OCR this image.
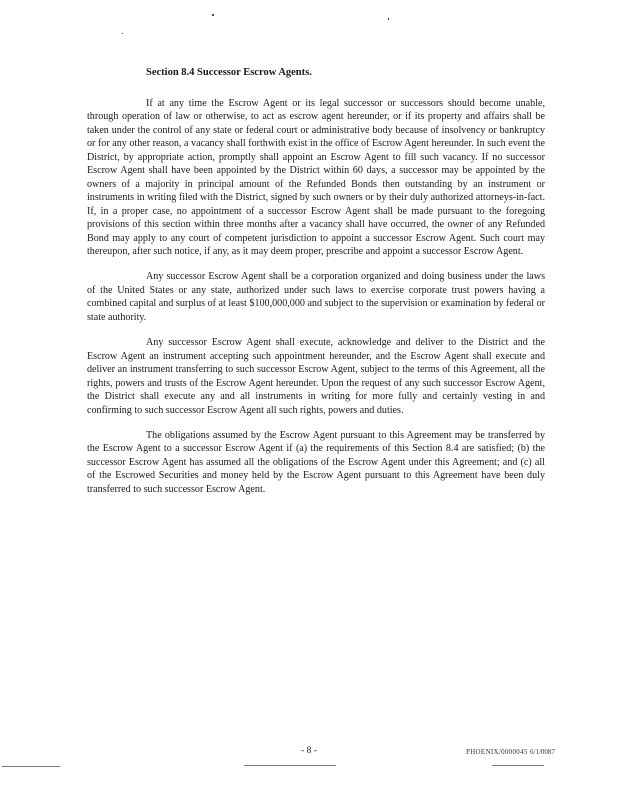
Section 8.4 Successor Escrow Agents.

If at any time the Escrow Agent or its legal successor or successors should become unable, through operation of law or otherwise, to act as escrow agent hereunder, or if its property and affairs shall be taken under the control of any state or federal court or administrative body because of insolvency or bankruptcy or for any other reason, a vacancy shall forthwith exist in the office of Escrow Agent hereunder. In such event the District, by appropriate action, promptly shall appoint an Escrow Agent to fill such vacancy. If no successor Escrow Agent shall have been appointed by the District within 60 days, a successor may be appointed by the owners of a majority in principal amount of the Refunded Bonds then outstanding by an instrument or instruments in writing filed with the District, signed by such owners or by their duly authorized attorneys-in-fact. If, in a proper case, no appointment of a successor Escrow Agent shall be made pursuant to the foregoing provisions of this section within three months after a vacancy shall have occurred, the owner of any Refunded Bond may apply to any court of competent jurisdiction to appoint a successor Escrow Agent. Such court may thereupon, after such notice, if any, as it may deem proper, prescribe and appoint a successor Escrow Agent.

Any successor Escrow Agent shall be a corporation organized and doing business under the laws of the United States or any state, authorized under such laws to exercise corporate trust powers having a combined capital and surplus of at least $100,000,000 and subject to the supervision or examination by federal or state authority.

Any successor Escrow Agent shall execute, acknowledge and deliver to the District and the Escrow Agent an instrument accepting such appointment hereunder, and the Escrow Agent shall execute and deliver an instrument transferring to such successor Escrow Agent, subject to the terms of this Agreement, all the rights, powers and trusts of the Escrow Agent hereunder. Upon the request of any such successor Escrow Agent, the District shall execute any and all instruments in writing for more fully and certainly vesting in and confirming to such successor Escrow Agent all such rights, powers and duties.

The obligations assumed by the Escrow Agent pursuant to this Agreement may be transferred by the Escrow Agent to a successor Escrow Agent if (a) the requirements of this Section 8.4 are satisfied; (b) the successor Escrow Agent has assumed all the obligations of the Escrow Agent under this Agreement; and (c) all of the Escrowed Securities and money held by the Escrow Agent pursuant to this Agreement have been duly transferred to such successor Escrow Agent.

- 8 -	PHOENIX/0000045 6/1/0087
